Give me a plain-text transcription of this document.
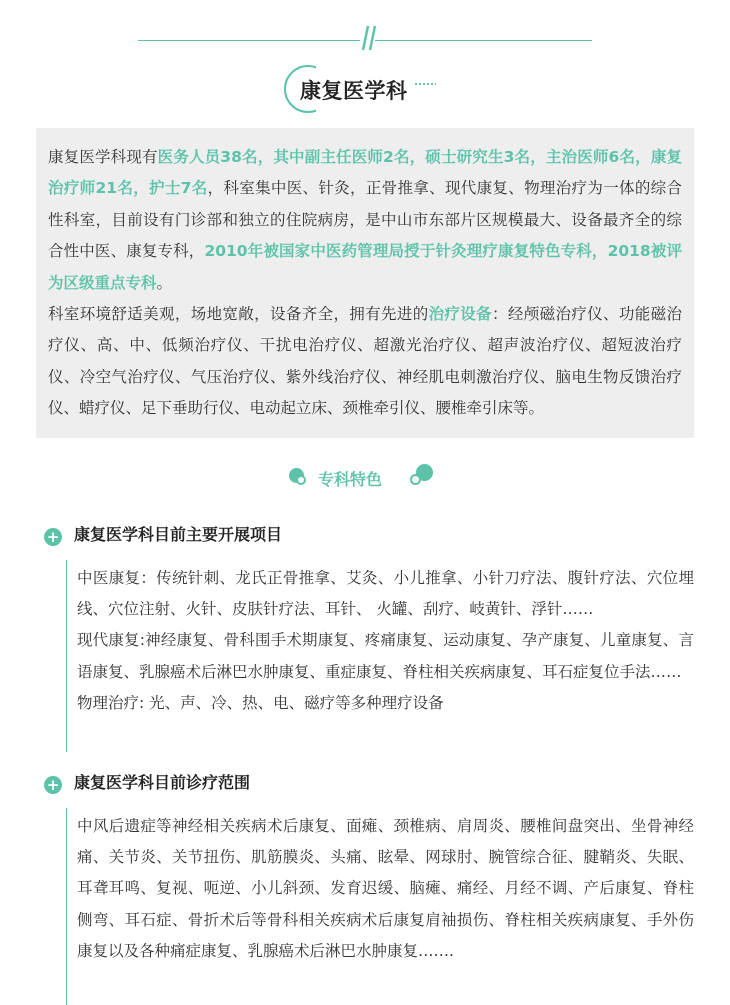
康复医学科

康复医学科现有医务人员38名，其中副主任医师2名，硕士研究生3名，主治医师6名，康复治疗师21名，护士7名，科室集中医、针灸，正骨推拿、现代康复、物理治疗为一体的综合性科室，目前设有门诊部和独立的住院病房，是中山市东部片区规模最大、设备最齐全的综合性中医、康复专科，2010年被国家中医药管理局授于针灸理疗康复特色专科，2018被评为区级重点专科。

科室环境舒适美观，场地宽敞，设备齐全，拥有先进的治疗设备：经颅磁治疗仪、功能磁治疗仪、高、中、低频治疗仪、干扰电治疗仪、超激光治疗仪、超声波治疗仪、超短波治疗仪、冷空气治疗仪、气压治疗仪、紫外线治疗仪、神经肌电刺激治疗仪、脑电生物反馈治疗仪、蜡疗仪、足下垂助行仪、电动起立床、颈椎牵引仪、腰椎牵引床等。

专科特色
+ 康复医学科目前主要开展项目

中医康复：传统针刺、龙氏正骨推拿、艾灸、小儿推拿、小针刀疗法、腹针疗法、穴位埋线、穴位注射、火针、皮肤针疗法、耳针、 火罐、刮疗、岐黄针、浮针……

现代康复:神经康复、骨科围手术期康复、疼痛康复、运动康复、孕产康复、儿童康复、言语康复、乳腺癌术后淋巴水肿康复、重症康复、脊柱相关疾病康复、耳石症复位手法……

物理治疗: 光、声、冷、热、电、磁疗等多种理疗设备

+ 康复医学科目前诊疗范围

中风后遗症等神经相关疾病术后康复、面瘫、颈椎病、肩周炎、腰椎间盘突出、坐骨神经痛、关节炎、关节扭伤、肌筋膜炎、头痛、眩晕、网球肘、腕管综合征、腱鞘炎、失眠、耳聋耳鸣、复视、呃逆、小儿斜颈、发育迟缓、脑瘫、痛经、月经不调、产后康复、脊柱侧弯、耳石症、骨折术后等骨科相关疾病术后康复肩袖损伤、脊柱相关疾病康复、手外伤康复以及各种痛症康复、乳腺癌术后淋巴水肿康复…….
